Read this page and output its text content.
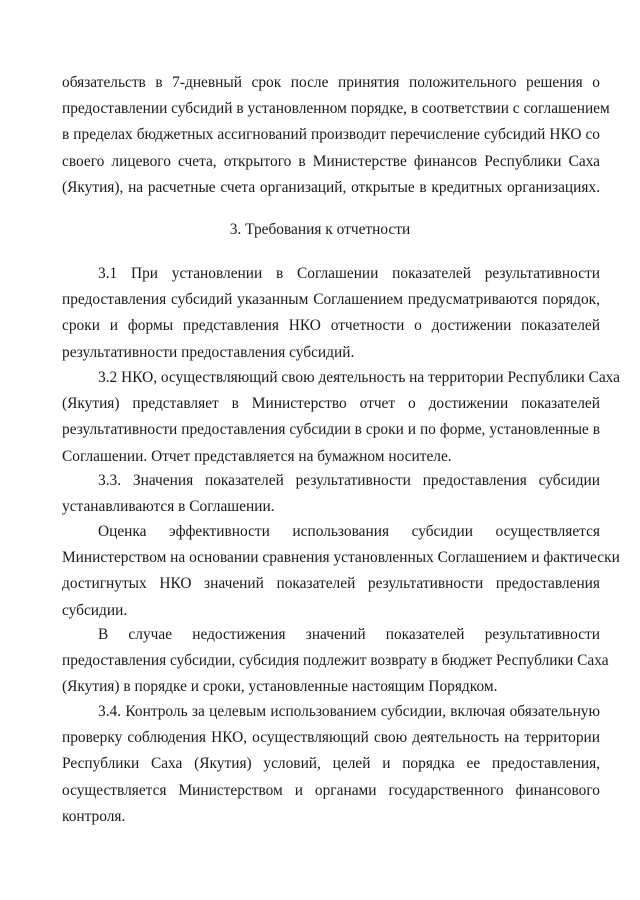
обязательств в 7-дневный срок после принятия положительного решения о
предоставлении субсидий в установленном порядке, в соответствии с соглашением
в пределах бюджетных ассигнований производит перечисление субсидий НКО со
своего лицевого счета, открытого в Министерстве финансов Республики Саха
(Якутия), на расчетные счета организаций, открытые в кредитных организациях.
3. Требования к отчетности
3.1 При установлении в Соглашении показателей результативности
предоставления субсидий указанным Соглашением предусматриваются порядок,
сроки и формы представления НКО отчетности о достижении показателей
результативности предоставления субсидий.
3.2 НКО, осуществляющий свою деятельность на территории Республики Саха
(Якутия) представляет в Министерство отчет о достижении показателей
результативности предоставления субсидии в сроки и по форме, установленные в
Соглашении. Отчет представляется на бумажном носителе.
3.3. Значения показателей результативности предоставления субсидии
устанавливаются в Соглашении.
Оценка эффективности использования субсидии осуществляется
Министерством на основании сравнения установленных Соглашением и фактически
достигнутых НКО значений показателей результативности предоставления
субсидии.
В случае недостижения значений показателей результативности
предоставления субсидии, субсидия подлежит возврату в бюджет Республики Саха
(Якутия) в порядке и сроки, установленные настоящим Порядком.
3.4. Контроль за целевым использованием субсидии, включая обязательную
проверку соблюдения НКО, осуществляющий свою деятельность на территории
Республики Саха (Якутия) условий, целей и порядка ее предоставления,
осуществляется Министерством и органами государственного финансового
контроля.
